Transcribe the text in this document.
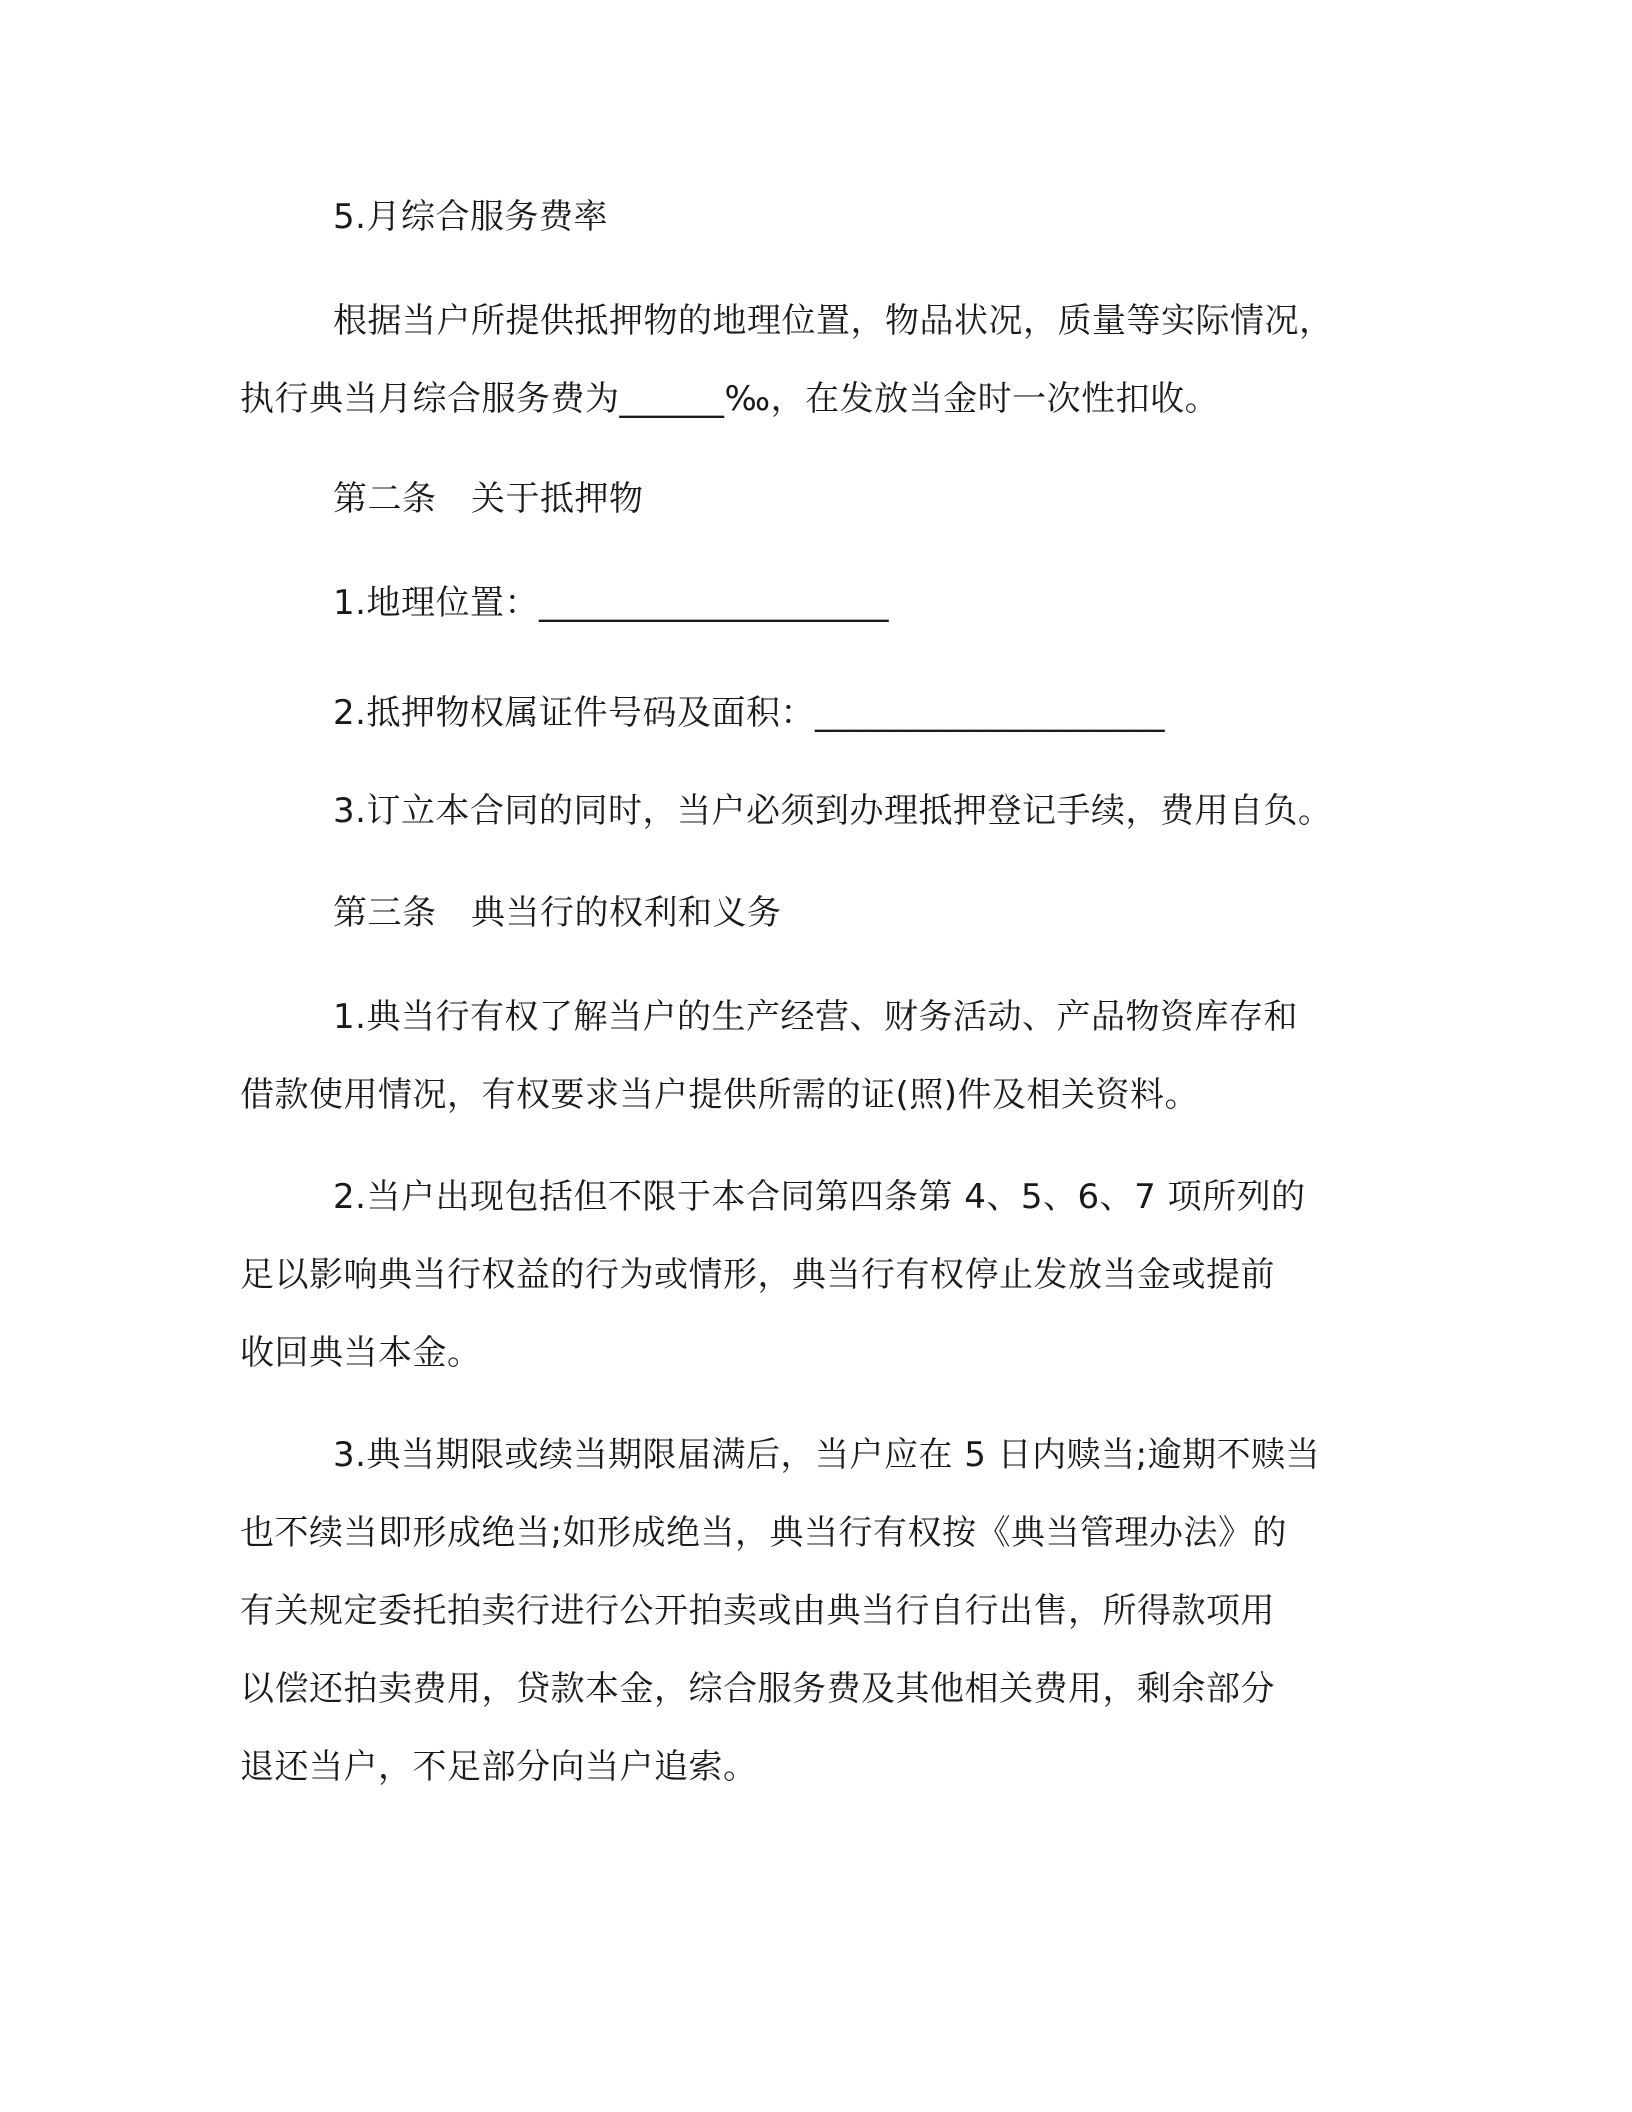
5.月综合服务费率
根据当户所提供抵押物的地理位置，物品状况，质量等实际情况，
执行典当月综合服务费为______‰，在发放当金时一次性扣收。
第二条　关于抵押物
1.地理位置：____________________
2.抵押物权属证件号码及面积：____________________
3.订立本合同的同时，当户必须到办理抵押登记手续，费用自负。
第三条　典当行的权利和义务
1.典当行有权了解当户的生产经营、财务活动、产品物资库存和
借款使用情况，有权要求当户提供所需的证(照)件及相关资料。
2.当户出现包括但不限于本合同第四条第 4、5、6、7 项所列的
足以影响典当行权益的行为或情形，典当行有权停止发放当金或提前
收回典当本金。
3.典当期限或续当期限届满后，当户应在 5 日内赎当;逾期不赎当
也不续当即形成绝当;如形成绝当，典当行有权按《典当管理办法》的
有关规定委托拍卖行进行公开拍卖或由典当行自行出售，所得款项用
以偿还拍卖费用，贷款本金，综合服务费及其他相关费用，剩余部分
退还当户，不足部分向当户追索。
